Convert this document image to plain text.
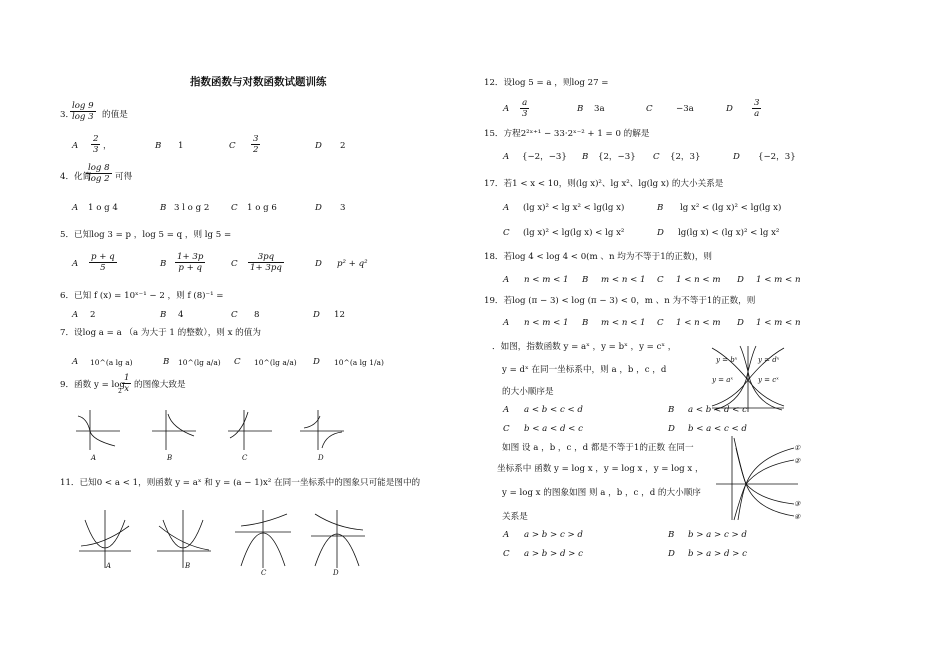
指数函数与对数函数试题训练
3．
$\frac{\log 9}{\log 3}$ 的值是
A $\frac{2}{3}$ ，	B 1	C $\frac{3}{2}$	D 2
4．化简
$\frac{\log 8}{\log 2}$ 可得
A 1 o g 4	B 3 l o g 2	C 1 o g 6	D 3
5．已知log 3 = p ，log 5 = q ，则 lg 5 =
A $\frac{p + q}{5}$	B $\frac{1+ 3p}{p + q}$	C $\frac{3pq}{1+ 3pq}$	D p² + q²
6．已知 f (x) = 10ˣ⁻¹ − 2 ，则 f (8)⁻¹ =
A 2	B 4	C 8	D 12
7．设log a = a （a 为大于 1 的整数），则 x 的值为
A 10^(a lg a)	B 10^(lg a/a) C 10^(lg a/a) D 10^(a lg 1/a)
9．函数 y = log
$2 \frac{1}{x}$ 的图像大致是
A	B	C	D
11．已知0 < a < 1，则函数 y = aˣ 和 y = (a − 1)x² 在同一坐标系中的图象只可能是图中的
A	B
C	D
12．设log 5 = a ，则log 27 =
A $\frac{a}{3}$	B 3a	C	−3a	D $\frac{3}{a}$
15．方程2²ˣ⁺¹ − 33·2ˣ⁻² + 1 = 0 的解是
A {−2，−3} B {2，−3} C {2，3}	D {−2，3}
17．若1 < x < 10，则(lg x)²、lg x²、lg(lg x) 的大小关系是
A (lg x)² < lg x² < lg(lg x)	B lg x² < (lg x)² < lg(lg x)
C (lg x)² < lg(lg x) < lg x²	D lg(lg x) < (lg x)² < lg x²
18．若log 4 < log 4 < 0(m 、n 均为不等于1的正数)，则
A n < m < 1 B m < n < 1 C 1 < n < m D 1 < m < n
19．若log (π − 3) < log (π − 3) < 0，m 、n 为不等于1的正数，则
A n < m < 1 B m < n < 1 C 1 < n < m D 1 < m < n
．如图，指数函数 y = aˣ ，y = bˣ ，y = cˣ ，
y = dˣ 在同一坐标系中，则 a ，b ，c ，d
的大小顺序是
A a < b < c < d	B a < b < d < c
C b < a < d < c	D b < a < c < d
y = bˣ	y = dˣ
y = aˣ	y = cˣ
如图 设 a ，b ，c ，d 都是不等于1的正数 在同一
坐标系中 函数 y = log x ，y = log x ，y = log x ，
y = log x 的图象如图 则 a ，b ，c ，d 的大小顺序
关系是
A a > b > c > d	B b > a > c > d
C a > b > d > c	D b > a > d > c
①
②
③
④
